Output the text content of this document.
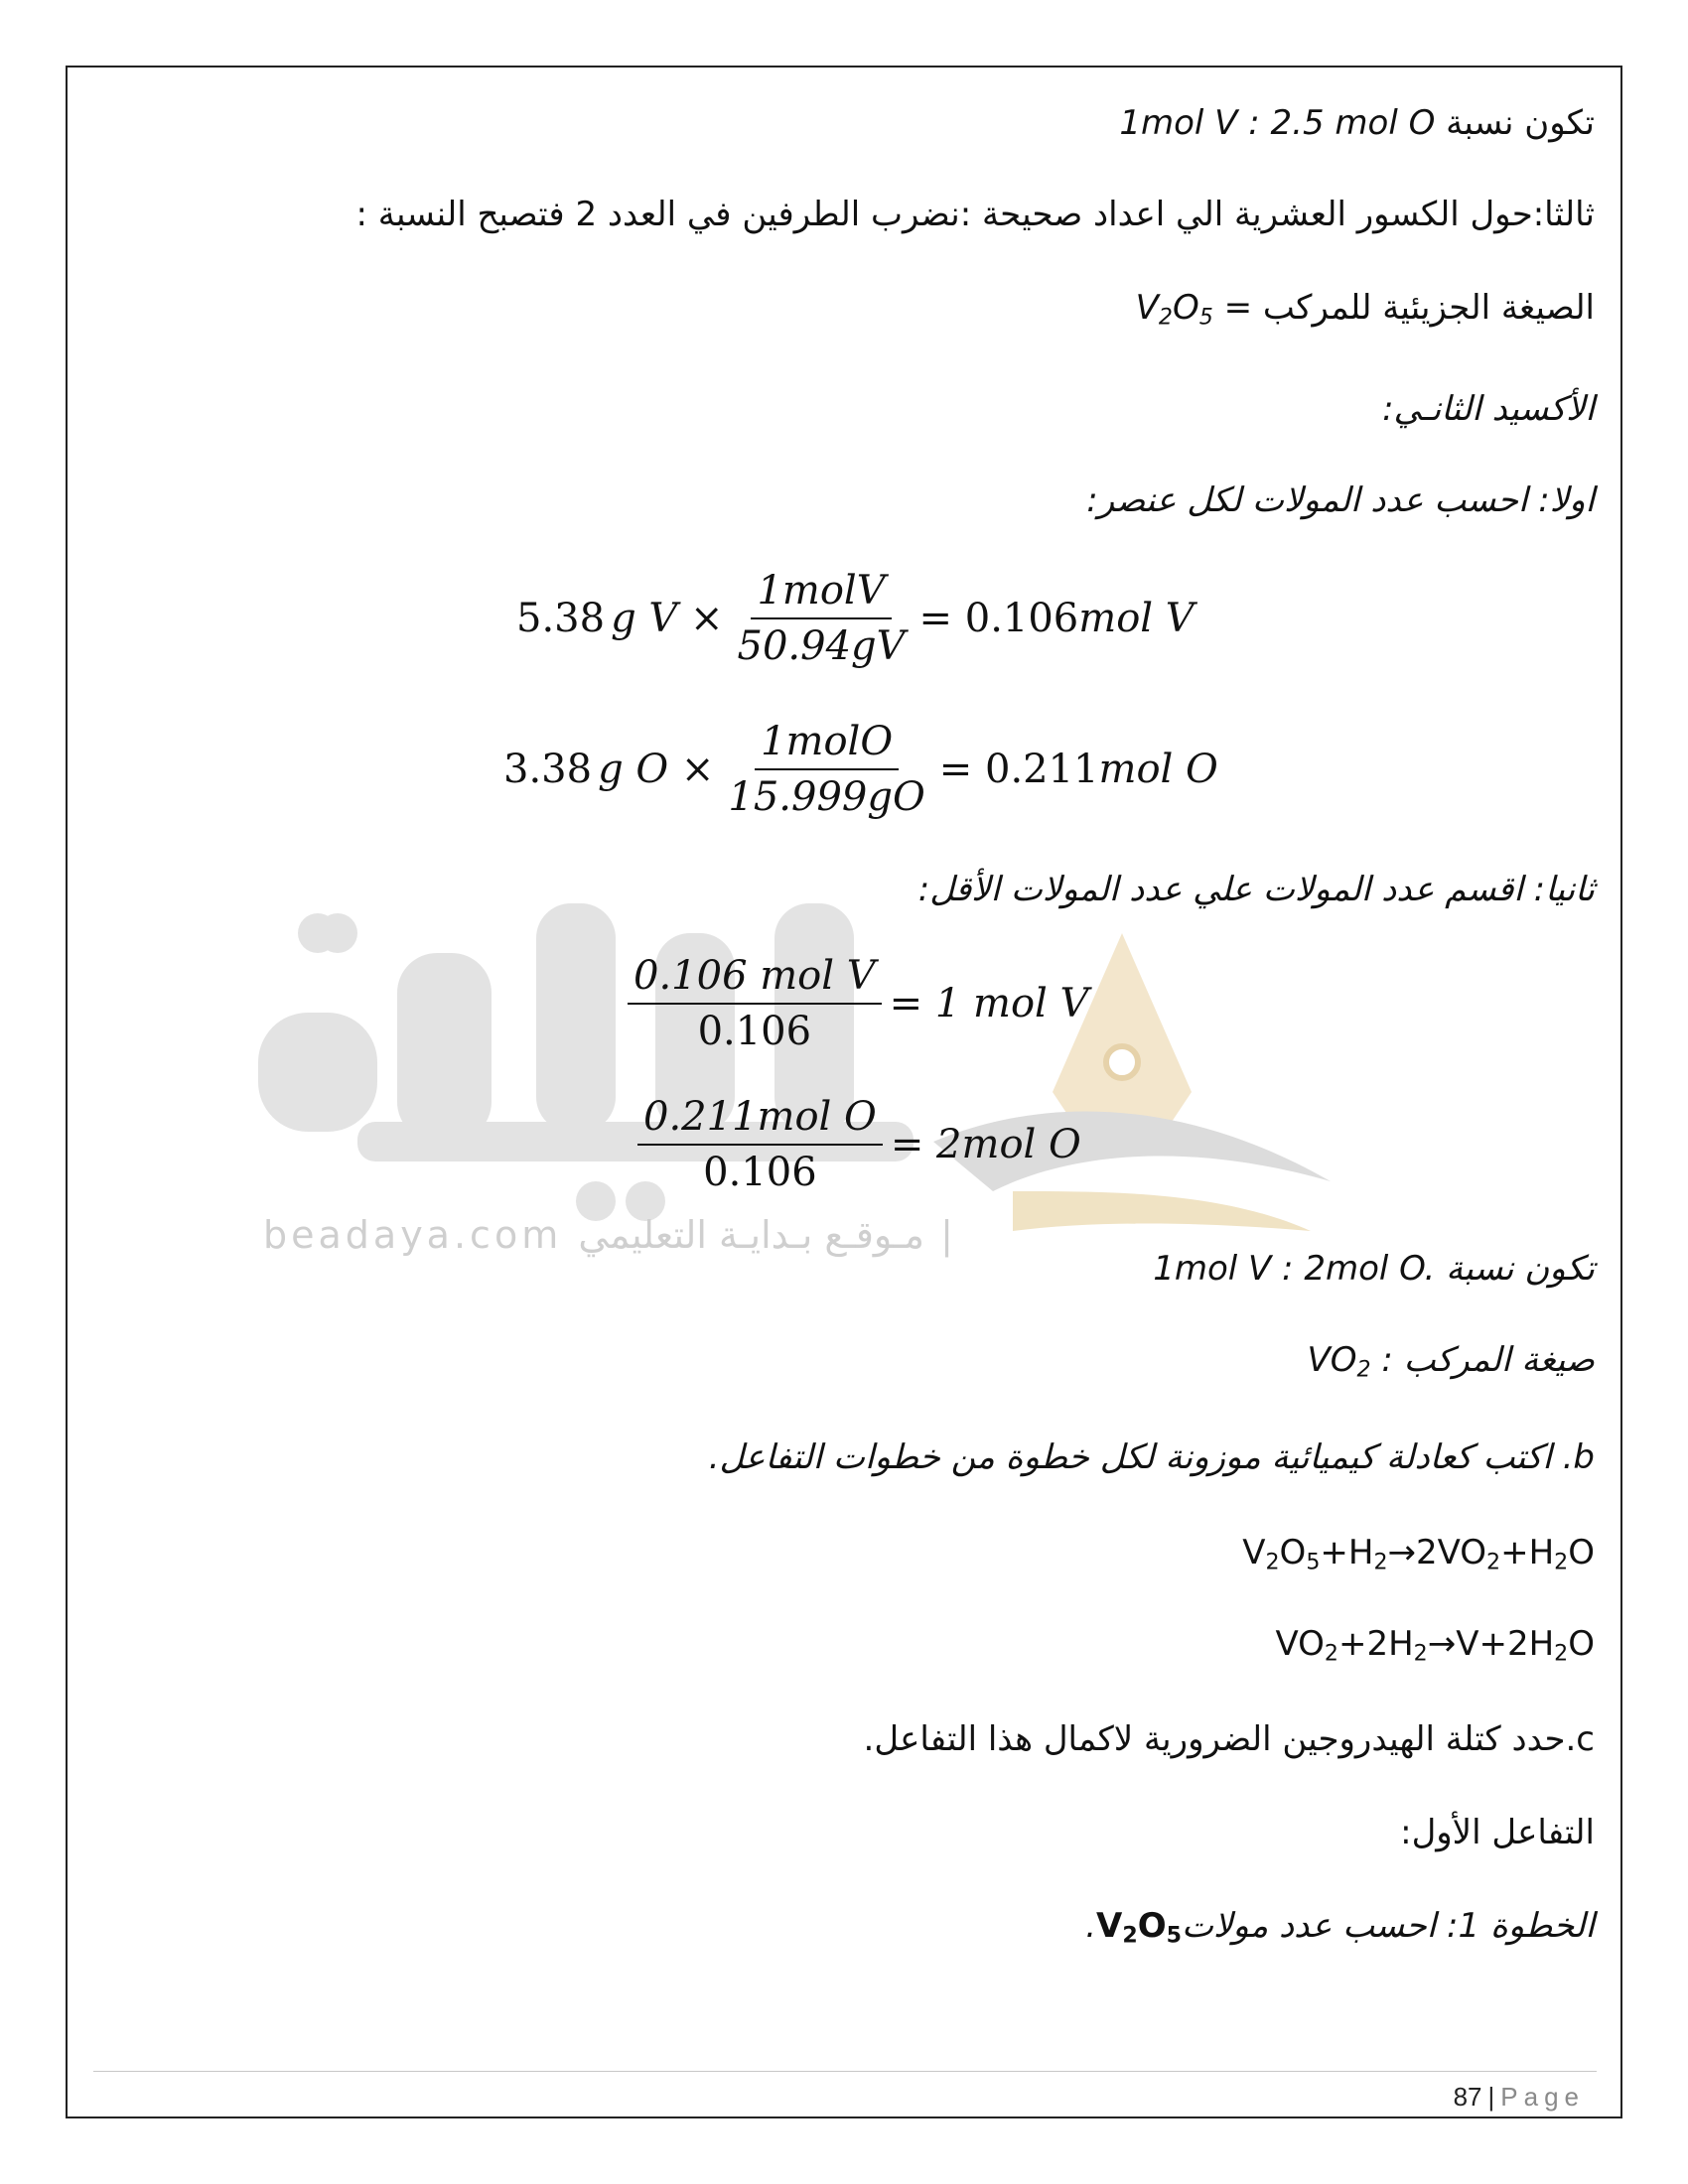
beadaya.com | مـوقـع بـدايـة التعليمي
تكون نسبة 1mol V : 2.5 mol O
ثالثا:حول الكسور العشرية الي اعداد صحيحة :نضرب الطرفين في العدد 2 فتصبح النسبة :
الصيغة الجزيئية للمركب = $V_2O_5$
الأكسيد الثانـي:
اولا: احسب عدد المولات لكل عنصر:
5.38 g $V \times \frac{\text{1molV}}{50.94gV} = 0.106$ mol V
3.38 g $O \times \frac{\text{1molO}}{15.999gO} = 0.211$ mol O
ثانيا: اقسم عدد المولات علي عدد المولات الأقل:
$\frac{\text{0.106 mol V}}{0.106} = 1$ mol V
$\frac{\text{0.211mol O}}{0.106} = 2mol$ O
تكون نسبة 1mol V : 2mol O.
صيغة المركب : $VO_2$
b. اكتب كعادلة كيميائية موزونة لكل خطوة من خطوات التفاعل.
$V_2O_5+H_2\to 2VO_2+H_2O$
$VO_2+2H_2\to V+2H_2O$
c.حدد كتلة الهيدروجين الضرورية لاكمال هذا التفاعل.
التفاعل الأول:
الخطوة 1: احسب عدد $مولاتV_2O_5$.
87 | Page
